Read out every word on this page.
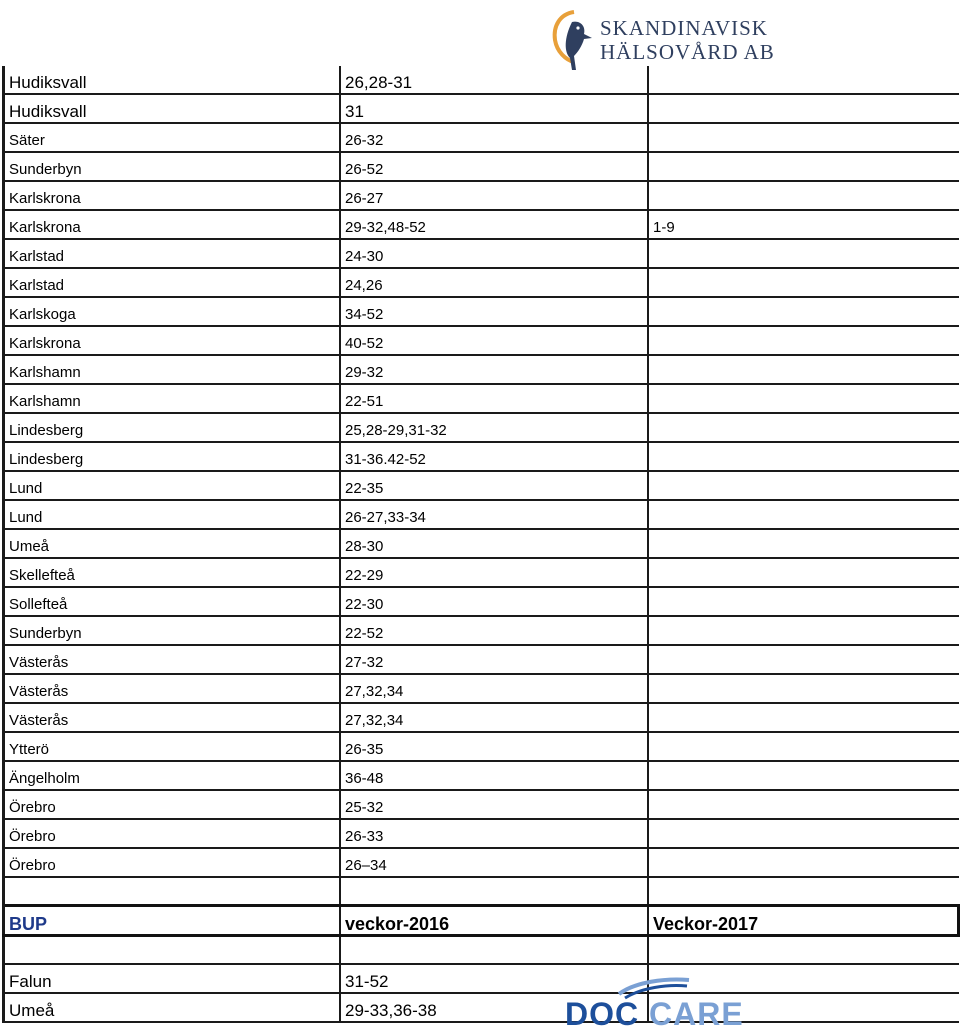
SKANDINAVISK
HÄLSOVÅRD AB
Hudiksvall	26,28-31	
Hudiksvall	31	
Säter	26-32	
Sunderbyn	26-52	
Karlskrona	26-27	
Karlskrona	29-32,48-52	1-9
Karlstad	24-30	
Karlstad	24,26	
Karlskoga	34-52	
Karlskrona	40-52	
Karlshamn	29-32	
Karlshamn	22-51	
Lindesberg	25,28-29,31-32	
Lindesberg	31-36.42-52	
Lund	22-35	
Lund	26-27,33-34	
Umeå	28-30	
Skellefteå	22-29	
Sollefteå	22-30	
Sunderbyn	22-52	
Västerås	27-32	
Västerås	27,32,34	
Västerås	27,32,34	
Ytterö	26-35	
Ängelholm	36-48	
Örebro	25-32	
Örebro	26-33	
Örebro	26–34	

BUP	veckor-2016	Veckor-2017

Falun	31-52	
Umeå	29-33,36-38		DOC CARE
